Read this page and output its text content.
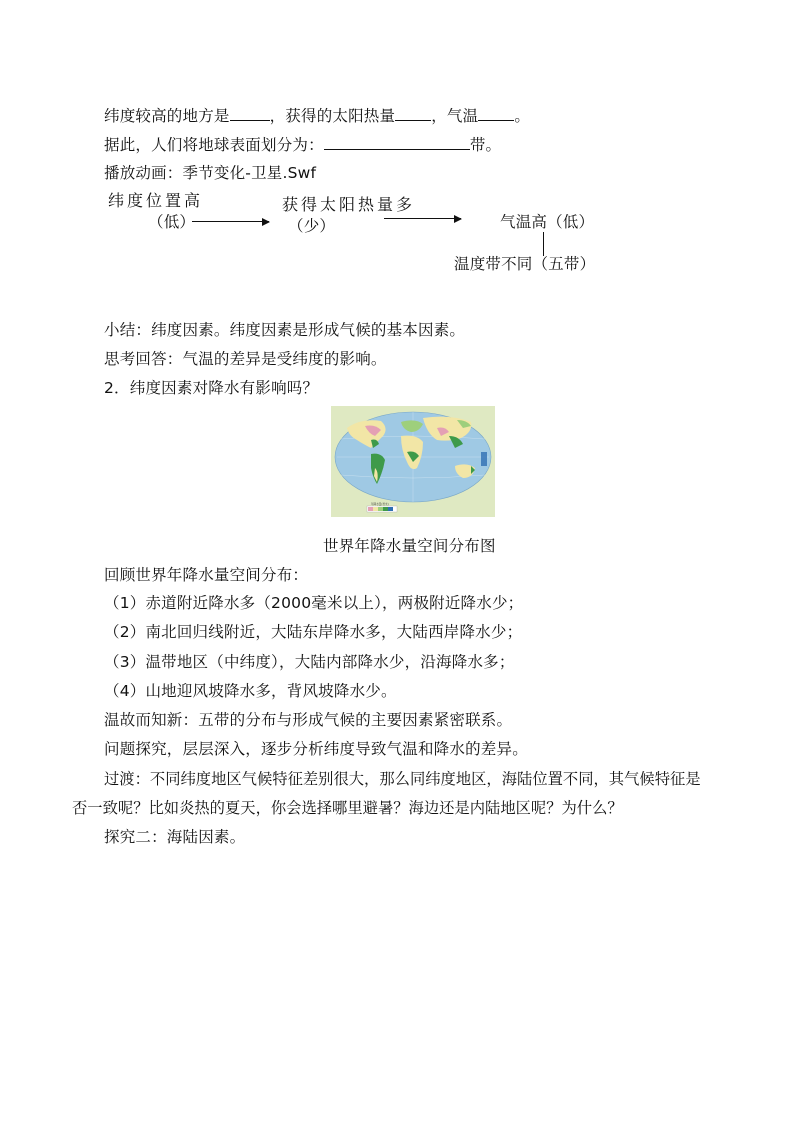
纬度较高的地方是	，获得的太阳热量 ，气温 。
据此，人们将地球表面划分为：	带。
播放动画：季节变化-卫星.Swf
纬度位置高
（低）
获得太阳热量多
（少）	气温高（低）
温度带不同（五带）
小结：纬度因素。纬度因素是形成气候的基本因素。
思考回答：气温的差异是受纬度的影响。
2．纬度因素对降水有影响吗？
年降水量(毫米)
世界年降水量空间分布图
回顾世界年降水量空间分布：
（1）赤道附近降水多（2000毫米以上），两极附近降水少；
（2）南北回归线附近，大陆东岸降水多，大陆西岸降水少；
（3）温带地区（中纬度），大陆内部降水少，沿海降水多；
（4）山地迎风坡降水多，背风坡降水少。
温故而知新：五带的分布与形成气候的主要因素紧密联系。
问题探究，层层深入，逐步分析纬度导致气温和降水的差异。
过渡：不同纬度地区气候特征差别很大，那么同纬度地区，海陆位置不同，其气候特征是
否一致呢？比如炎热的夏天，你会选择哪里避暑？海边还是内陆地区呢？为什么？
探究二：海陆因素。
